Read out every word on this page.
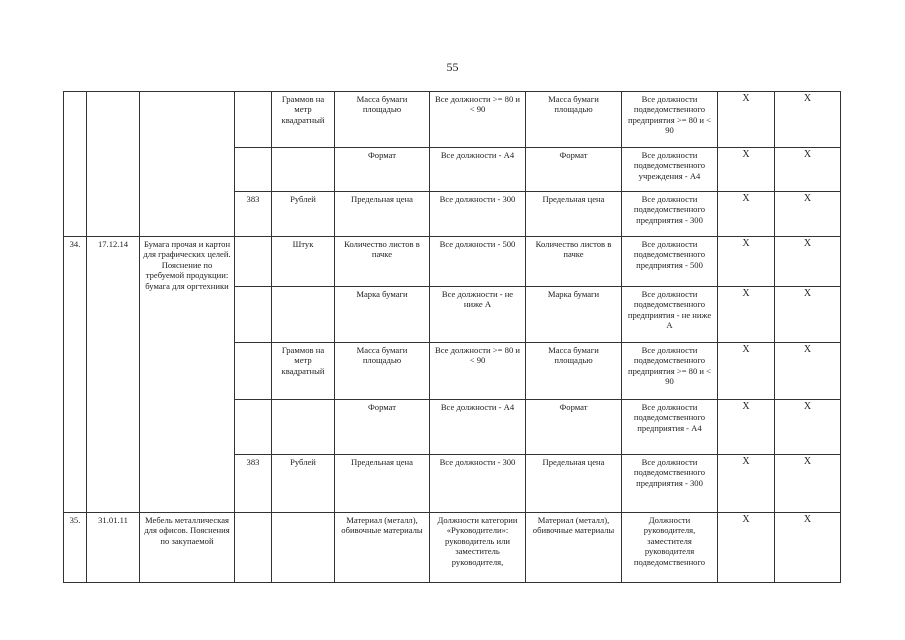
55
				Граммов на метр квадратный	Масса бумаги площадью	Все должности >= 80 и < 90	Масса бумаги площадью	Все должности подведомственного предприятия >= 80 и < 90	X	X
					Формат	Все должности - А4	Формат	Все должности подведомственного учреждения - А4	X	X
			383	Рублей	Предельная цена	Все должности - 300	Предельная цена	Все должности подведомственного предприятия - 300	X	X
34.	17.12.14	Бумага прочая и картон для графических целей. Пояснение по требуемой продукции: бумага для оргтехники		Штук	Количество листов в пачке	Все должности - 500	Количество листов в пачке	Все должности подведомственного предприятия - 500	X	X
					Марка бумаги	Все должности - не ниже А	Марка бумаги	Все должности подведомственного предприятия - не ниже А	X	X
				Граммов на метр квадратный	Масса бумаги площадью	Все должности >= 80 и < 90	Масса бумаги площадью	Все должности подведомственного предприятия >= 80 и < 90	X	X
					Формат	Все должности - А4	Формат	Все должности подведомственного предприятия - А4	X	X
			383	Рублей	Предельная цена	Все должности - 300	Предельная цена	Все должности подведомственного предприятия - 300	X	X
35.	31.01.11	Мебель металлическая для офисов. Пояснения по закупаемой			Материал (металл), обивочные материалы	Должности категории «Руководители»: руководитель или заместитель руководителя,	Материал (металл), обивочные материалы	Должности руководителя, заместителя руководителя подведомственного	X	X
